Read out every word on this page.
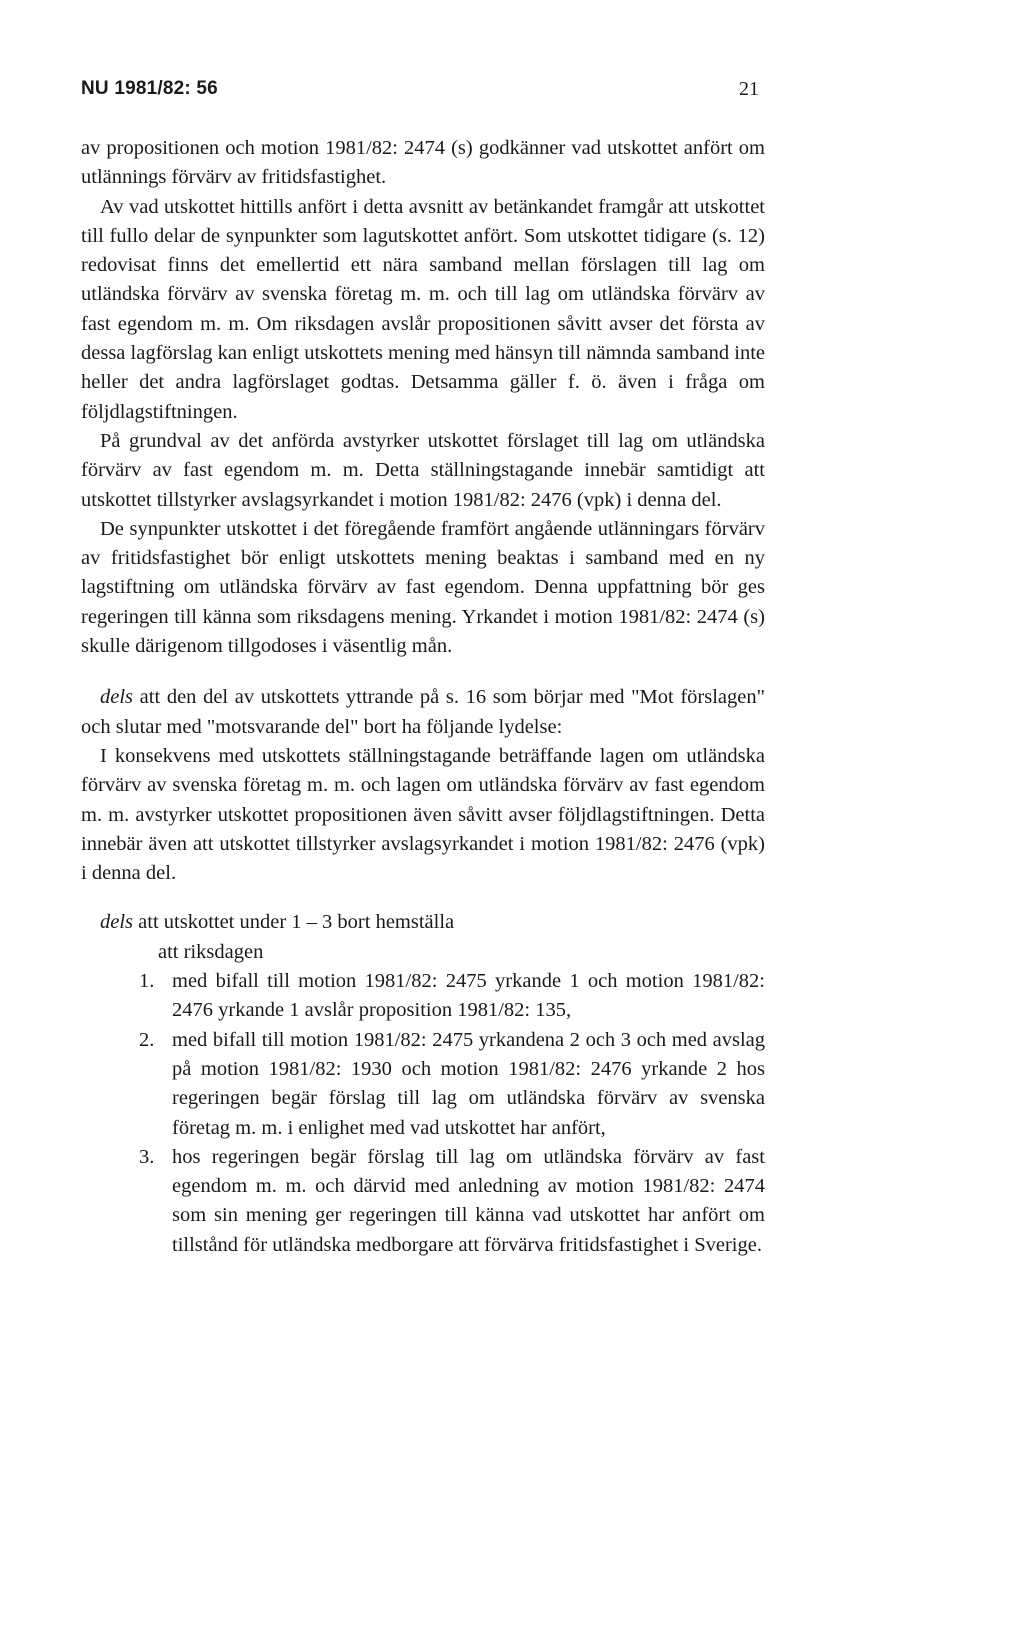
NU 1981/82: 56	21

av propositionen och motion 1981/82: 2474 (s) godkänner vad utskottet anfört om utlännings förvärv av fritidsfastighet.

Av vad utskottet hittills anfört i detta avsnitt av betänkandet framgår att utskottet till fullo delar de synpunkter som lagutskottet anfört. Som utskottet tidigare (s. 12) redovisat finns det emellertid ett nära samband mellan förslagen till lag om utländska förvärv av svenska företag m. m. och till lag om utländska förvärv av fast egendom m. m. Om riksdagen avslår propositionen såvitt avser det första av dessa lagförslag kan enligt utskottets mening med hänsyn till nämnda samband inte heller det andra lagförslaget godtas. Detsamma gäller f. ö. även i fråga om följdlagstiftningen.

På grundval av det anförda avstyrker utskottet förslaget till lag om utländska förvärv av fast egendom m. m. Detta ställningstagande innebär samtidigt att utskottet tillstyrker avslagsyrkandet i motion 1981/82: 2476 (vpk) i denna del.

De synpunkter utskottet i det föregående framfört angående utlänningars förvärv av fritidsfastighet bör enligt utskottets mening beaktas i samband med en ny lagstiftning om utländska förvärv av fast egendom. Denna uppfattning bör ges regeringen till känna som riksdagens mening. Yrkandet i motion 1981/82: 2474 (s) skulle därigenom tillgodoses i väsentlig mån.

dels att den del av utskottets yttrande på s. 16 som börjar med "Mot förslagen" och slutar med "motsvarande del" bort ha följande lydelse:

I konsekvens med utskottets ställningstagande beträffande lagen om utländska förvärv av svenska företag m. m. och lagen om utländska förvärv av fast egendom m. m. avstyrker utskottet propositionen även såvitt avser följdlagstiftningen. Detta innebär även att utskottet tillstyrker avslagsyrkandet i motion 1981/82: 2476 (vpk) i denna del.

dels att utskottet under 1 – 3 bort hemställa

att riksdagen

1. med bifall till motion 1981/82: 2475 yrkande 1 och motion 1981/82: 2476 yrkande 1 avslår proposition 1981/82: 135,
2. med bifall till motion 1981/82: 2475 yrkandena 2 och 3 och med avslag på motion 1981/82: 1930 och motion 1981/82: 2476 yrkande 2 hos regeringen begär förslag till lag om utländska förvärv av svenska företag m. m. i enlighet med vad utskottet har anfört,
3. hos regeringen begär förslag till lag om utländska förvärv av fast egendom m. m. och därvid med anledning av motion 1981/82: 2474 som sin mening ger regeringen till känna vad utskottet har anfört om tillstånd för utländska medborgare att förvärva fritidsfastighet i Sverige.
